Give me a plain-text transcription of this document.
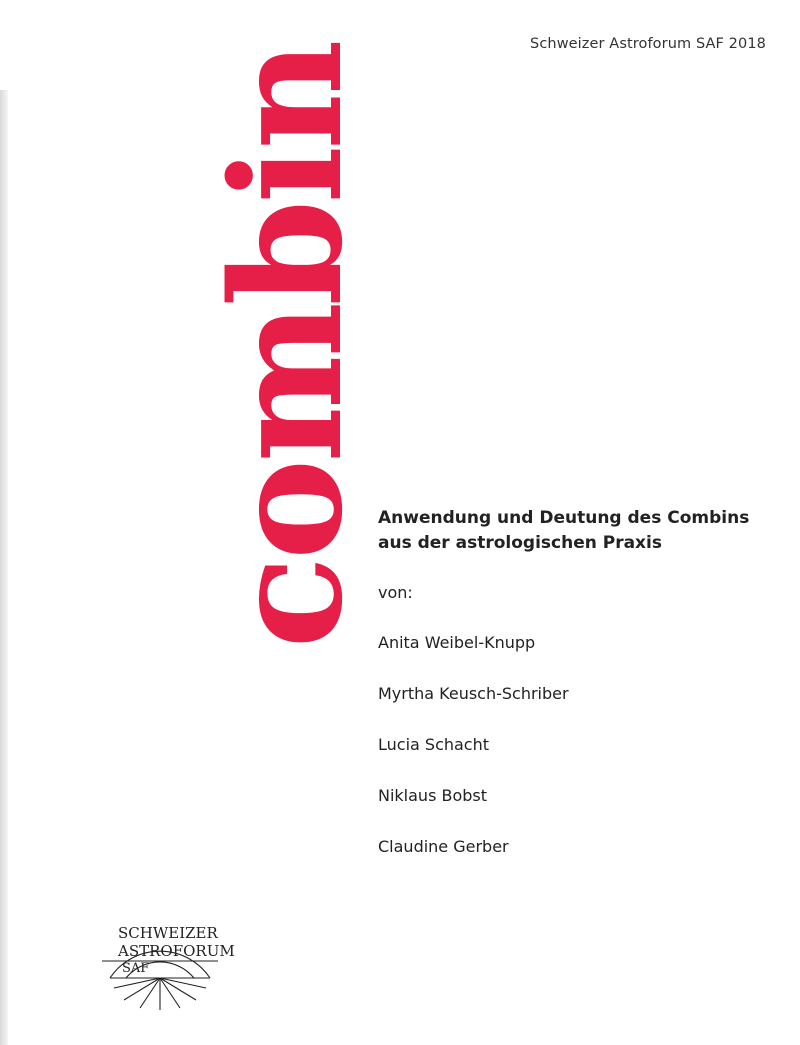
Schweizer Astroforum SAF 2018
combin Anwendung und Deutung des Combins
aus der astrologischen Praxis
von:
Anita Weibel-Knupp
Myrtha Keusch-Schriber
Lucia Schacht
Niklaus Bobst
Claudine Gerber
SCHWEIZER
ASTROFORUM
SAF
